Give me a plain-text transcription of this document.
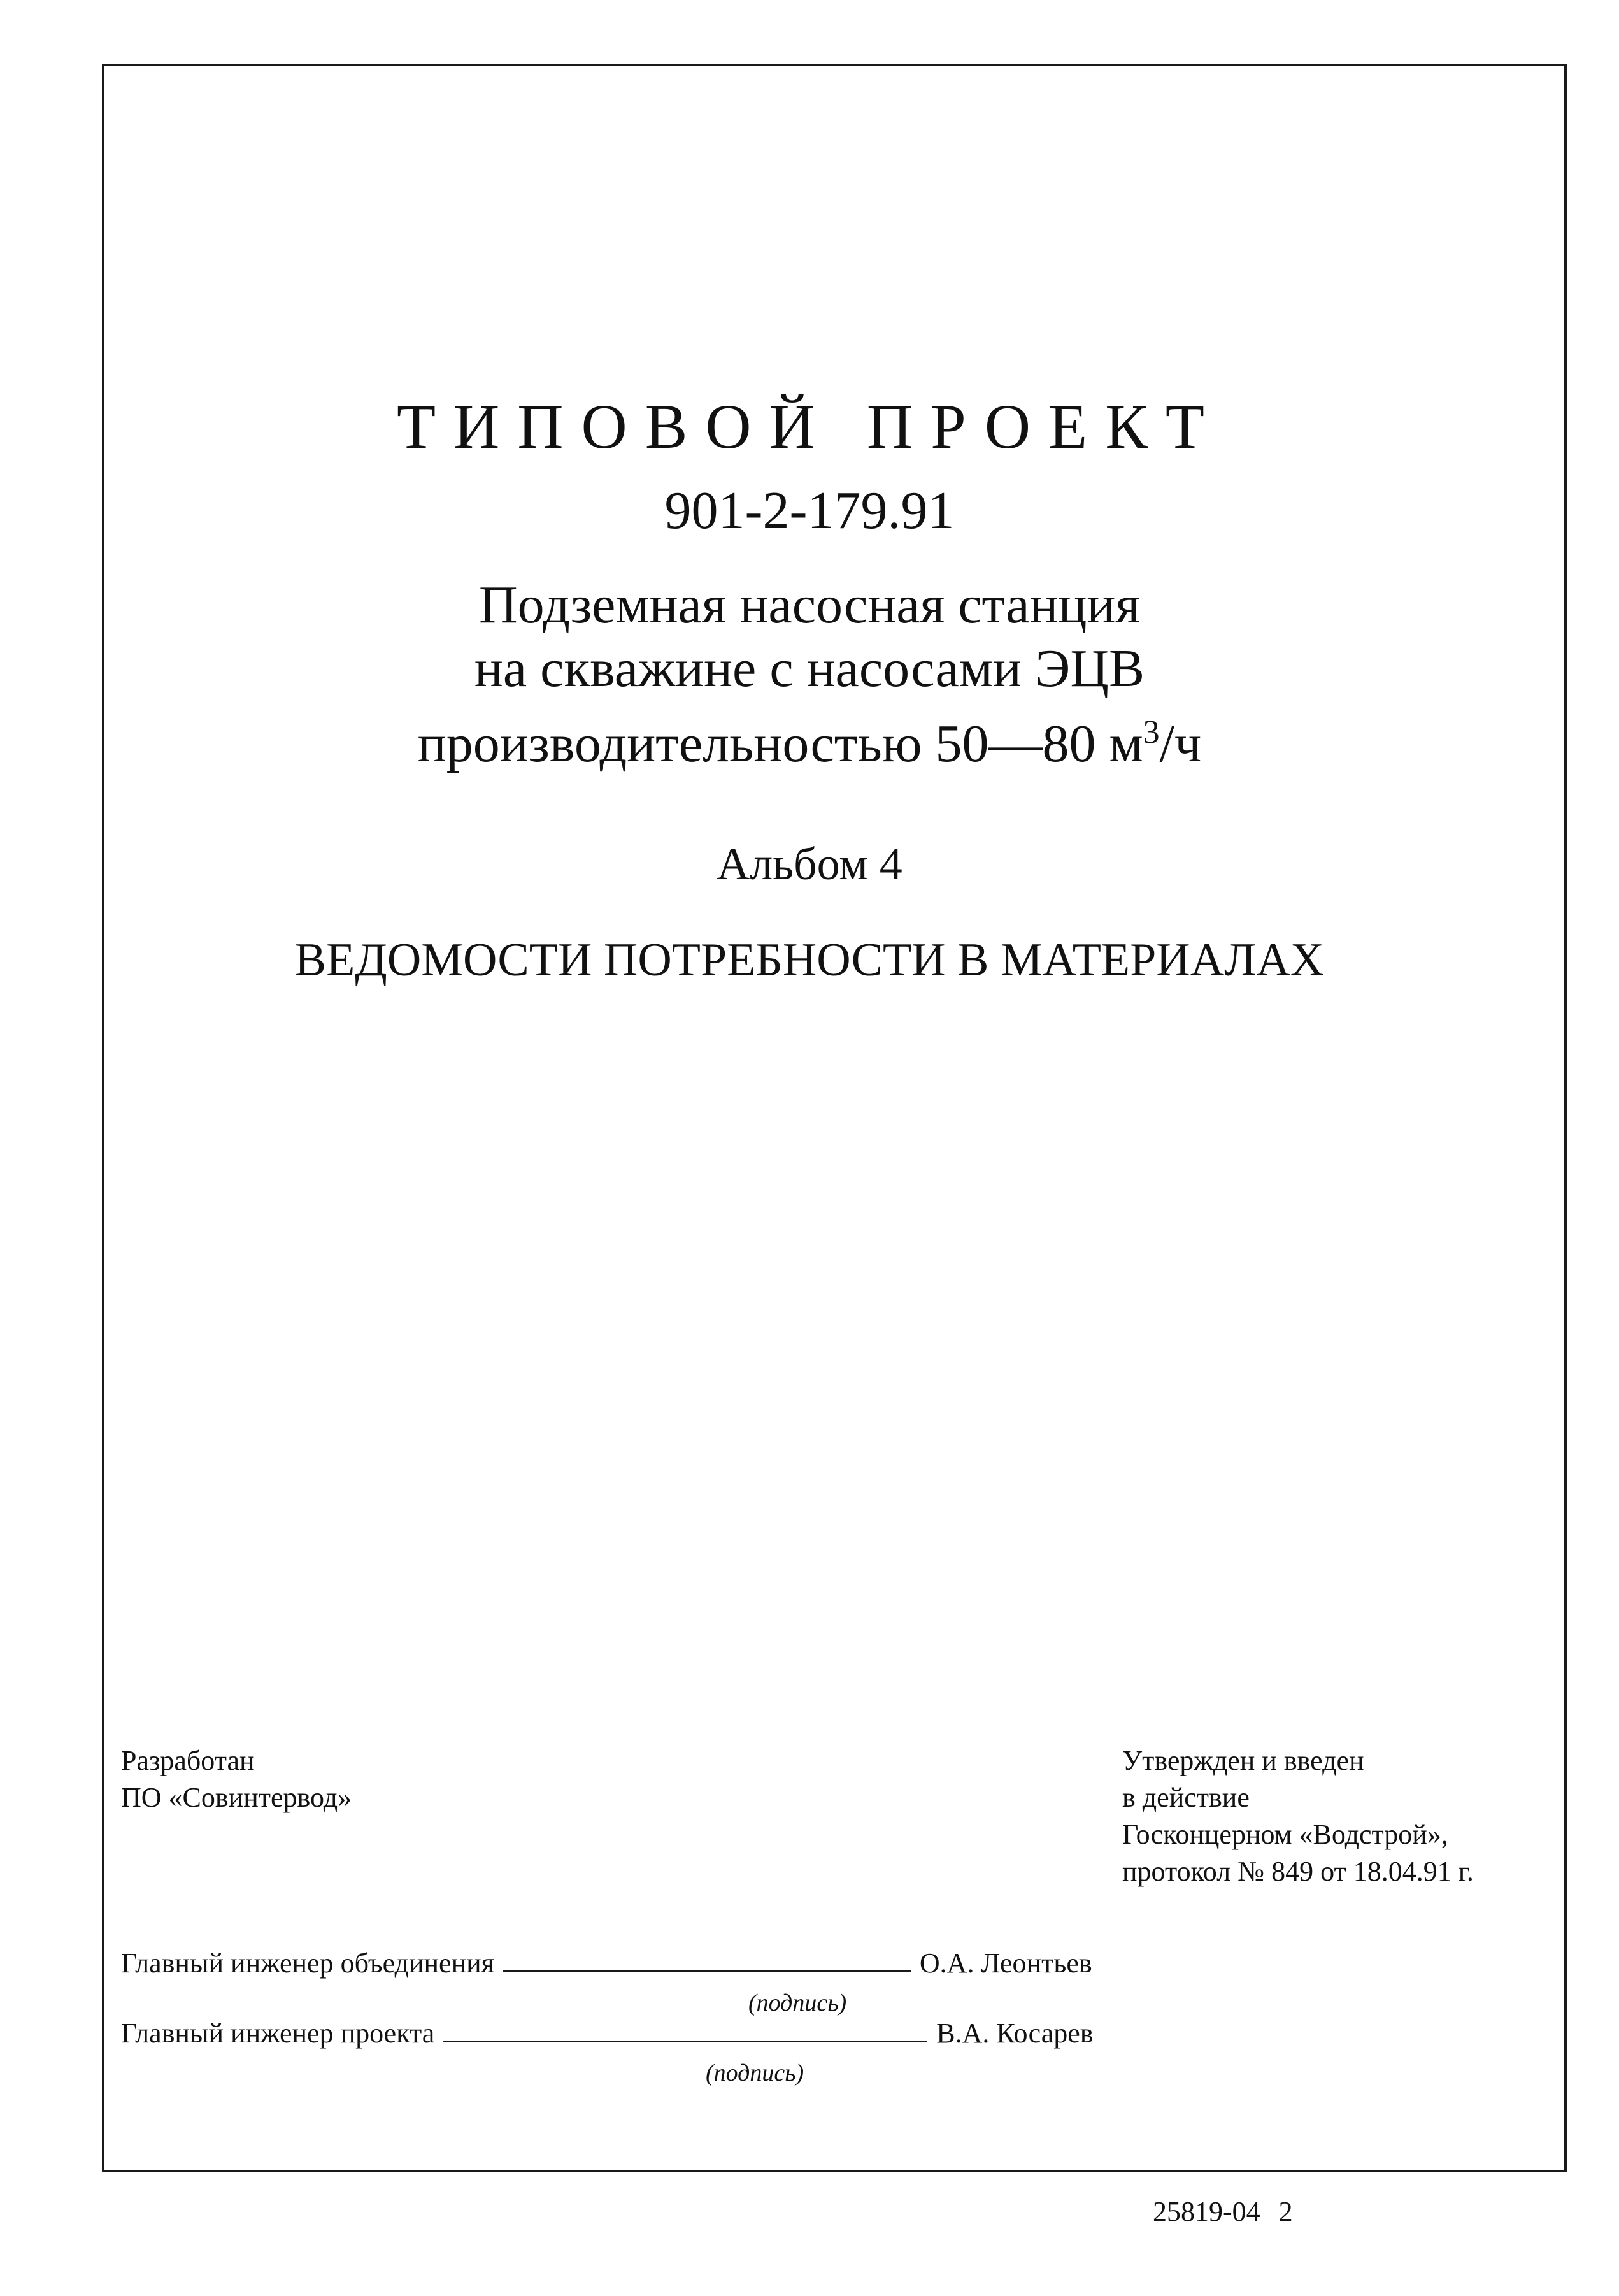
ТИПОВОЙ ПРОЕКТ
901-2-179.91
Подземная насосная станция
на скважине с насосами ЭЦВ
производительностью 50—80 $м^3/ч$
Альбом 4
ВЕДОМОСТИ ПОТРЕБНОСТИ В МАТЕРИАЛАХ
Разработан
ПО «Совинтервод»
Утвержден и введен
в действие
Госконцерном «Водстрой»,
протокол № 849 от 18.04.91 г.
Главный инженер объединения	О.А. Леонтьев
(подпись)
Главный инженер проекта	В.А. Косарев
(подпись)
25819-04 2
